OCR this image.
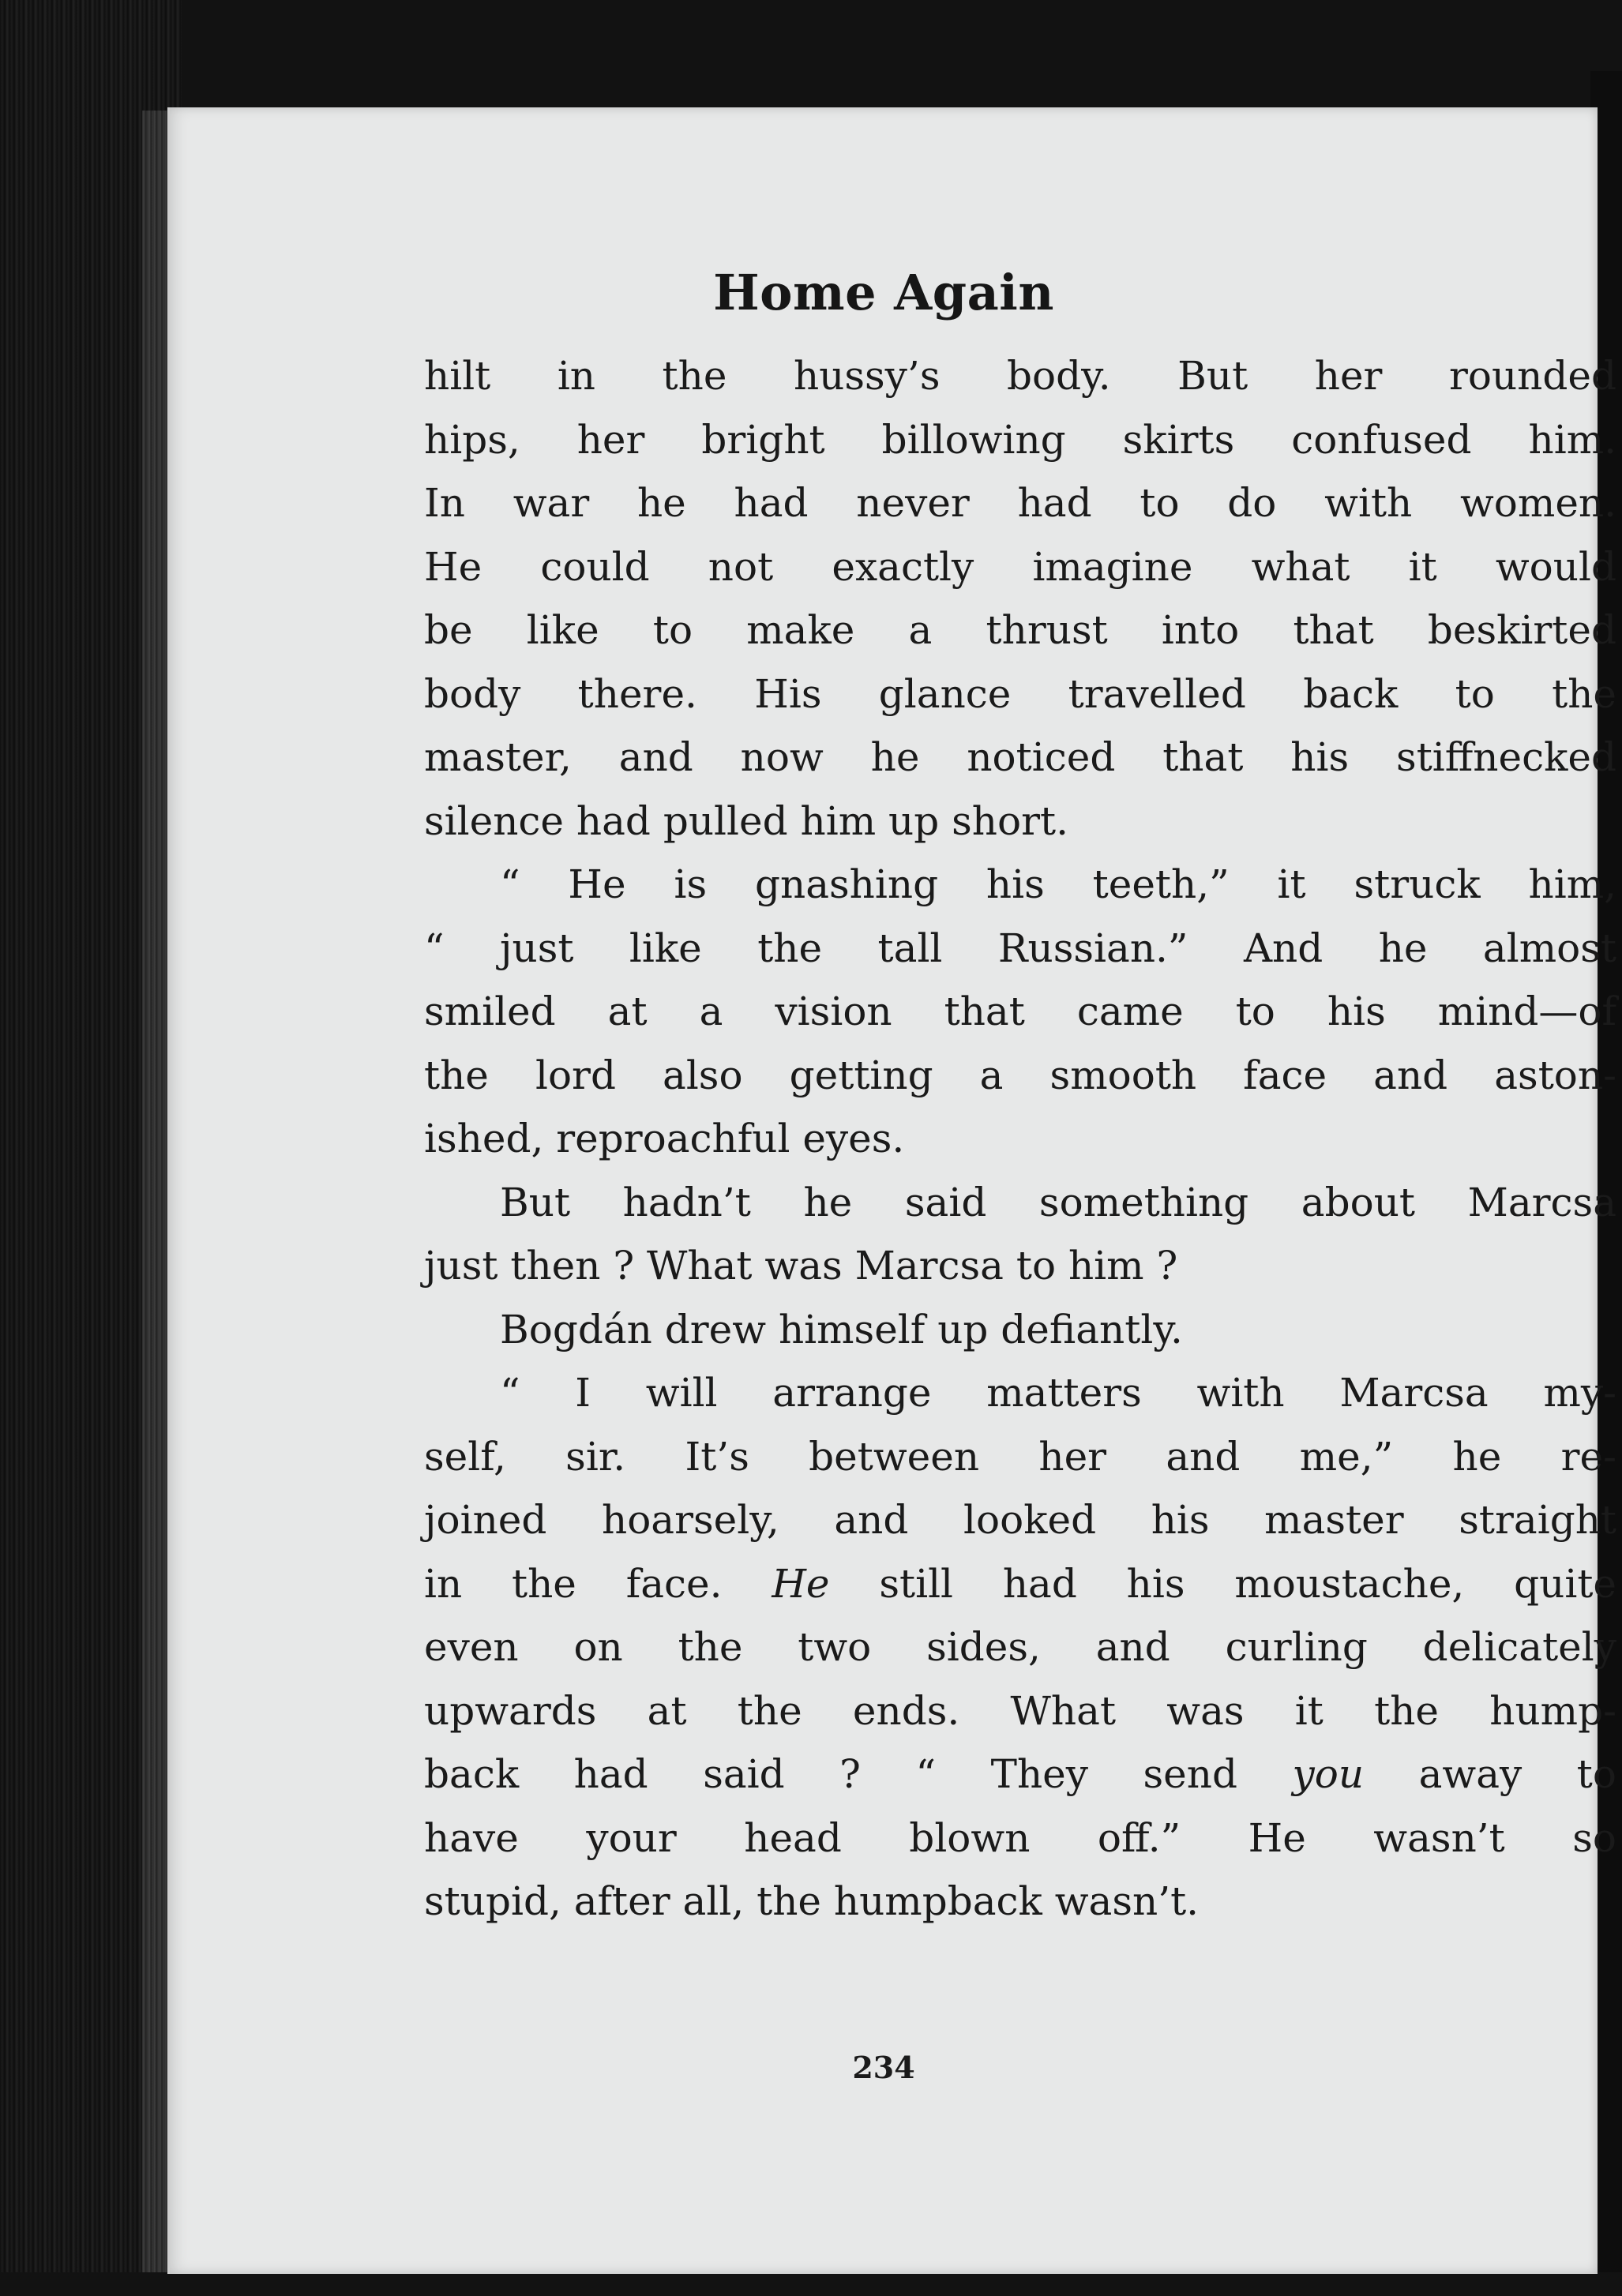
Home Again
hilt in the hussy’s body. But her rounded
hips, her bright billowing skirts confused him.
In war he had never had to do with women.
He could not exactly imagine what it would
be like to make a thrust into that beskirted
body there. His glance travelled back to the
master, and now he noticed that his stiffnecked
silence had pulled him up short.
“ He is gnashing his teeth,” it struck him,
“ just like the tall Russian.” And he almost
smiled at a vision that came to his mind—of
the lord also getting a smooth face and aston-
ished, reproachful eyes.
But hadn’t he said something about Marcsa
just then ? What was Marcsa to him ?
Bogdán drew himself up defiantly.
“ I will arrange matters with Marcsa my-
self, sir. It’s between her and me,” he re-
joined hoarsely, and looked his master straight
in the face. He still had his moustache, quite
even on the two sides, and curling delicately
upwards at the ends. What was it the hump-
back had said ? “ They send you away to
have your head blown off.” He wasn’t so
stupid, after all, the humpback wasn’t.

234
